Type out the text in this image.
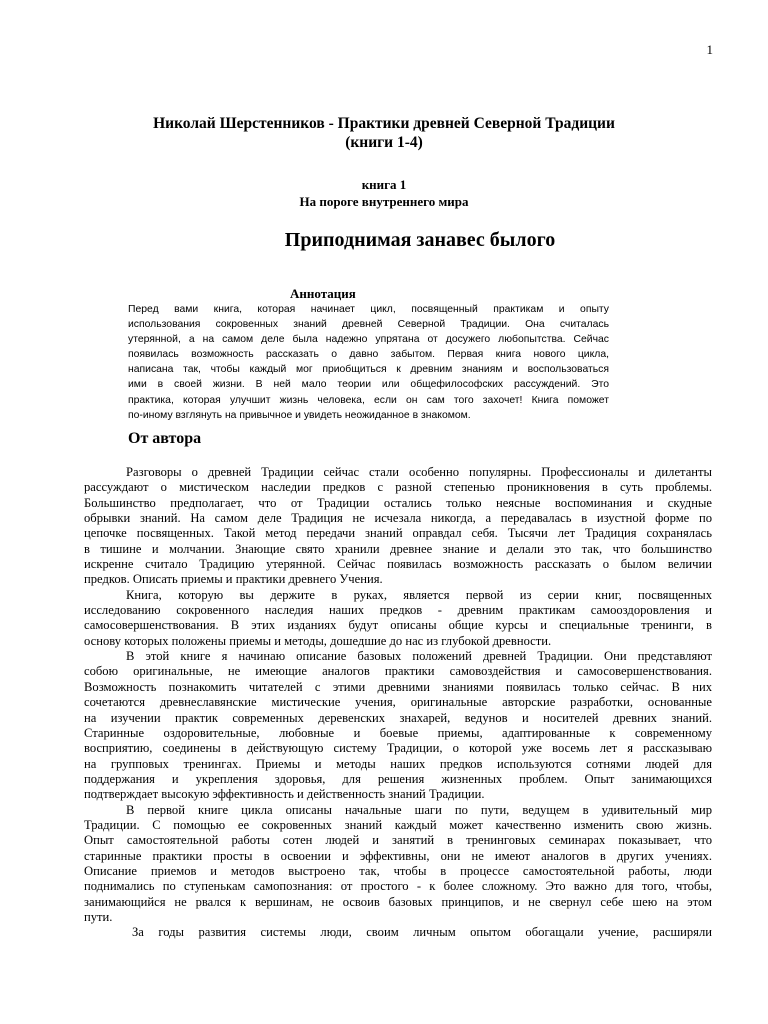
1
Николай Шерстенников - Практики древней Северной Традиции
(книги 1-4)
книга 1
На пороге внутреннего мира
Приподнимая занавес былого
Аннотация
Перед вами книга, которая начинает цикл, посвященный практикам и опыту
использования сокровенных знаний древней Северной Традиции. Она считалась
утерянной, а на самом деле была надежно упрятана от досужего любопытства. Сейчас
появилась возможность рассказать о давно забытом. Первая книга нового цикла,
написана так, чтобы каждый мог приобщиться к древним знаниям и воспользоваться
ими в своей жизни. В ней мало теории или общефилософских рассуждений. Это
практика, которая улучшит жизнь человека, если он сам того захочет! Книга поможет
по-иному взглянуть на привычное и увидеть неожиданное в знакомом.
От автора
Разговоры о древней Традиции сейчас стали особенно популярны. Профессионалы и дилетанты
рассуждают о мистическом наследии предков с разной степенью проникновения в суть проблемы.
Большинство предполагает, что от Традиции остались только неясные воспоминания и скудные
обрывки знаний. На самом деле Традиция не исчезала никогда, а передавалась в изустной форме по
цепочке посвященных. Такой метод передачи знаний оправдал себя. Тысячи лет Традиция сохранялась
в тишине и молчании. Знающие свято хранили древнее знание и делали это так, что большинство
искренне считало Традицию утерянной. Сейчас появилась возможность рассказать о былом величии
предков. Описать приемы и практики древнего Учения.
Книга, которую вы держите в руках, является первой из серии книг, посвященных
исследованию сокровенного наследия наших предков - древним практикам самооздоровления и
самосовершенствования. В этих изданиях будут описаны общие курсы и специальные тренинги, в
основу которых положены приемы и методы, дошедшие до нас из глубокой древности.
В этой книге я начинаю описание базовых положений древней Традиции. Они представляют
собою оригинальные, не имеющие аналогов практики самовоздействия и самосовершенствования.
Возможность познакомить читателей с этими древними знаниями появилась только сейчас. В них
сочетаются древнеславянские мистические учения, оригинальные авторские разработки, основанные
на изучении практик современных деревенских знахарей, ведунов и носителей древних знаний.
Старинные оздоровительные, любовные и боевые приемы, адаптированные к современному
восприятию, соединены в действующую систему Традиции, о которой уже восемь лет я рассказываю
на групповых тренингах. Приемы и методы наших предков используются сотнями людей для
поддержания и укрепления здоровья, для решения жизненных проблем. Опыт занимающихся
подтверждает высокую эффективность и действенность знаний Традиции.
В первой книге цикла описаны начальные шаги по пути, ведущем в удивительный мир
Традиции. С помощью ее сокровенных знаний каждый может качественно изменить свою жизнь.
Опыт самостоятельной работы сотен людей и занятий в тренинговых семинарах показывает, что
старинные практики просты в освоении и эффективны, они не имеют аналогов в других учениях.
Описание приемов и методов выстроено так, чтобы в процессе самостоятельной работы, люди
поднимались по ступенькам самопознания: от простого - к более сложному. Это важно для того, чтобы,
занимающийся не рвался к вершинам, не освоив базовых принципов, и не свернул себе шею на этом
пути.
За годы развития системы люди, своим личным опытом обогащали учение, расширяли
